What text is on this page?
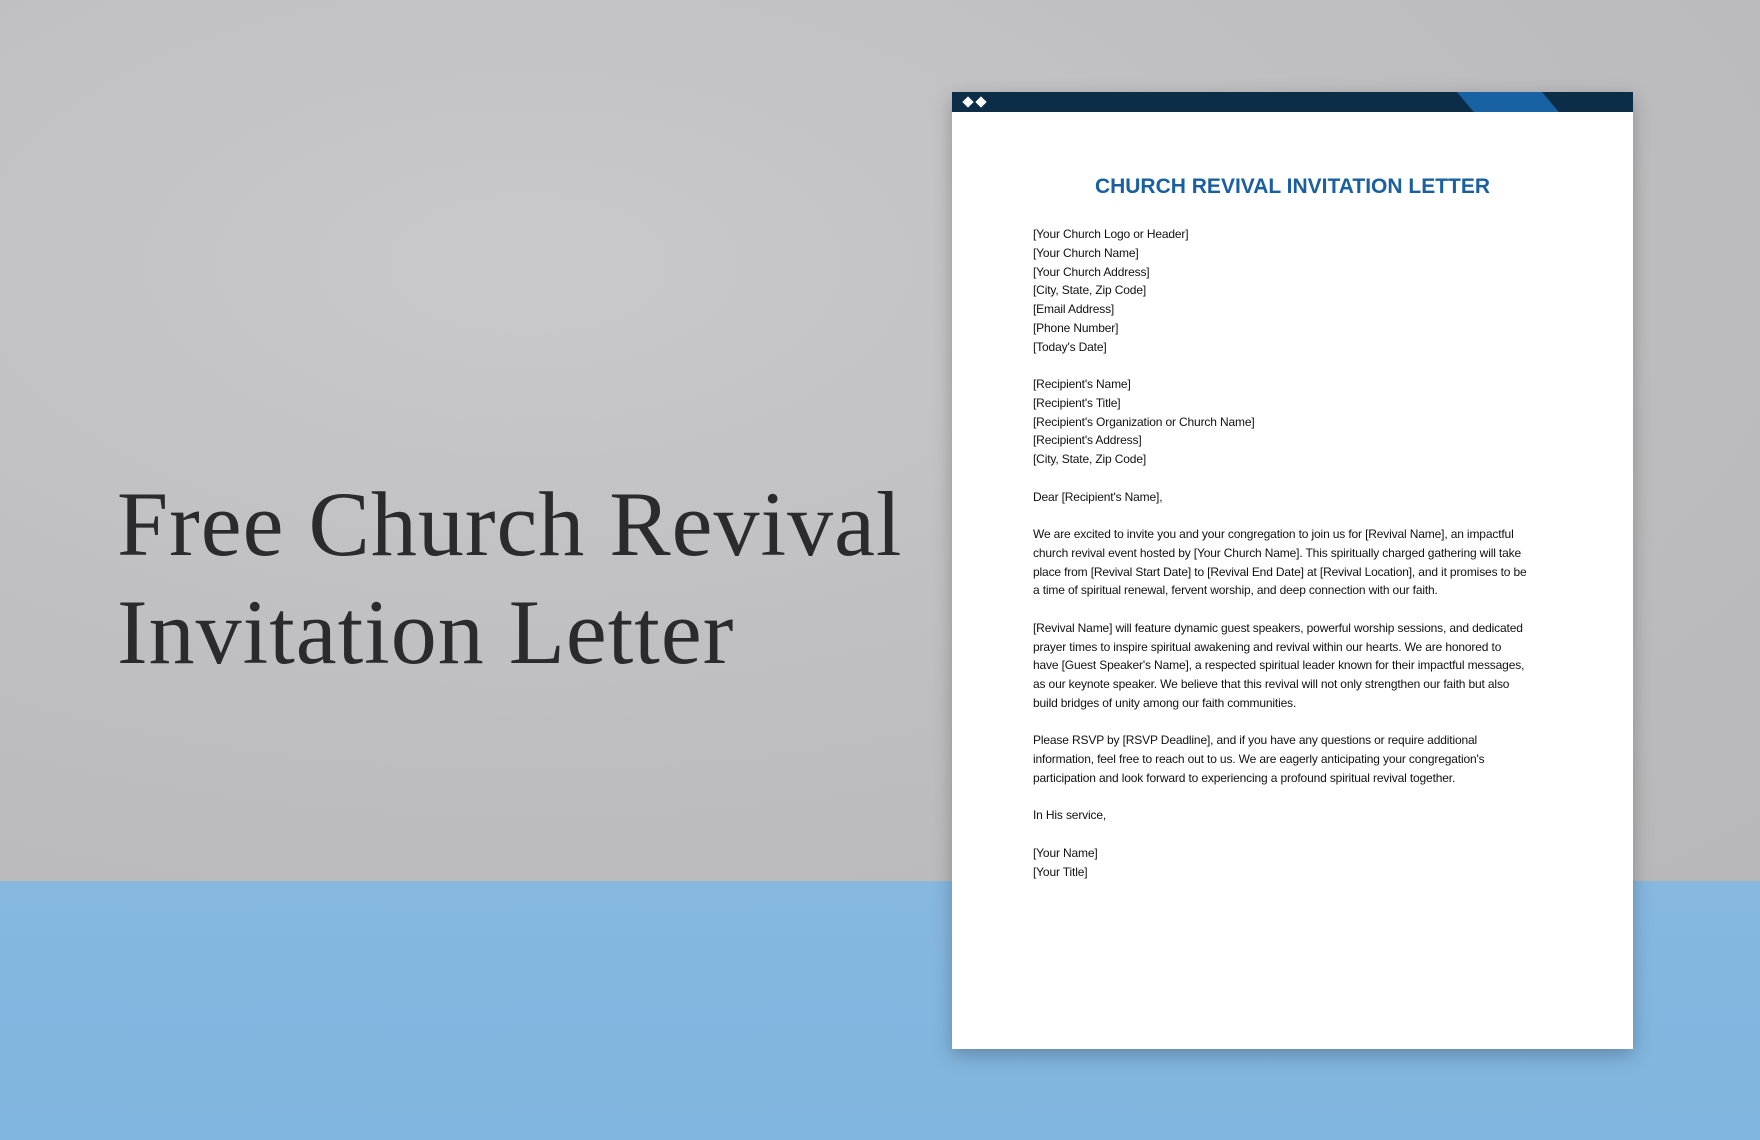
Free Church Revival
Invitation Letter
CHURCH REVIVAL INVITATION LETTER
[Your Church Logo or Header]
[Your Church Name]
[Your Church Address]
[City, State, Zip Code]
[Email Address]
[Phone Number]
[Today's Date]
[Recipient's Name]
[Recipient's Title]
[Recipient's Organization or Church Name]
[Recipient's Address]
[City, State, Zip Code]
Dear [Recipient's Name],
We are excited to invite you and your congregation to join us for [Revival Name], an impactful
church revival event hosted by [Your Church Name]. This spiritually charged gathering will take
place from [Revival Start Date] to [Revival End Date] at [Revival Location], and it promises to be
a time of spiritual renewal, fervent worship, and deep connection with our faith.
[Revival Name] will feature dynamic guest speakers, powerful worship sessions, and dedicated
prayer times to inspire spiritual awakening and revival within our hearts. We are honored to
have [Guest Speaker's Name], a respected spiritual leader known for their impactful messages,
as our keynote speaker. We believe that this revival will not only strengthen our faith but also
build bridges of unity among our faith communities.
Please RSVP by [RSVP Deadline], and if you have any questions or require additional
information, feel free to reach out to us. We are eagerly anticipating your congregation's
participation and look forward to experiencing a profound spiritual revival together.
In His service,
[Your Name]
[Your Title]
